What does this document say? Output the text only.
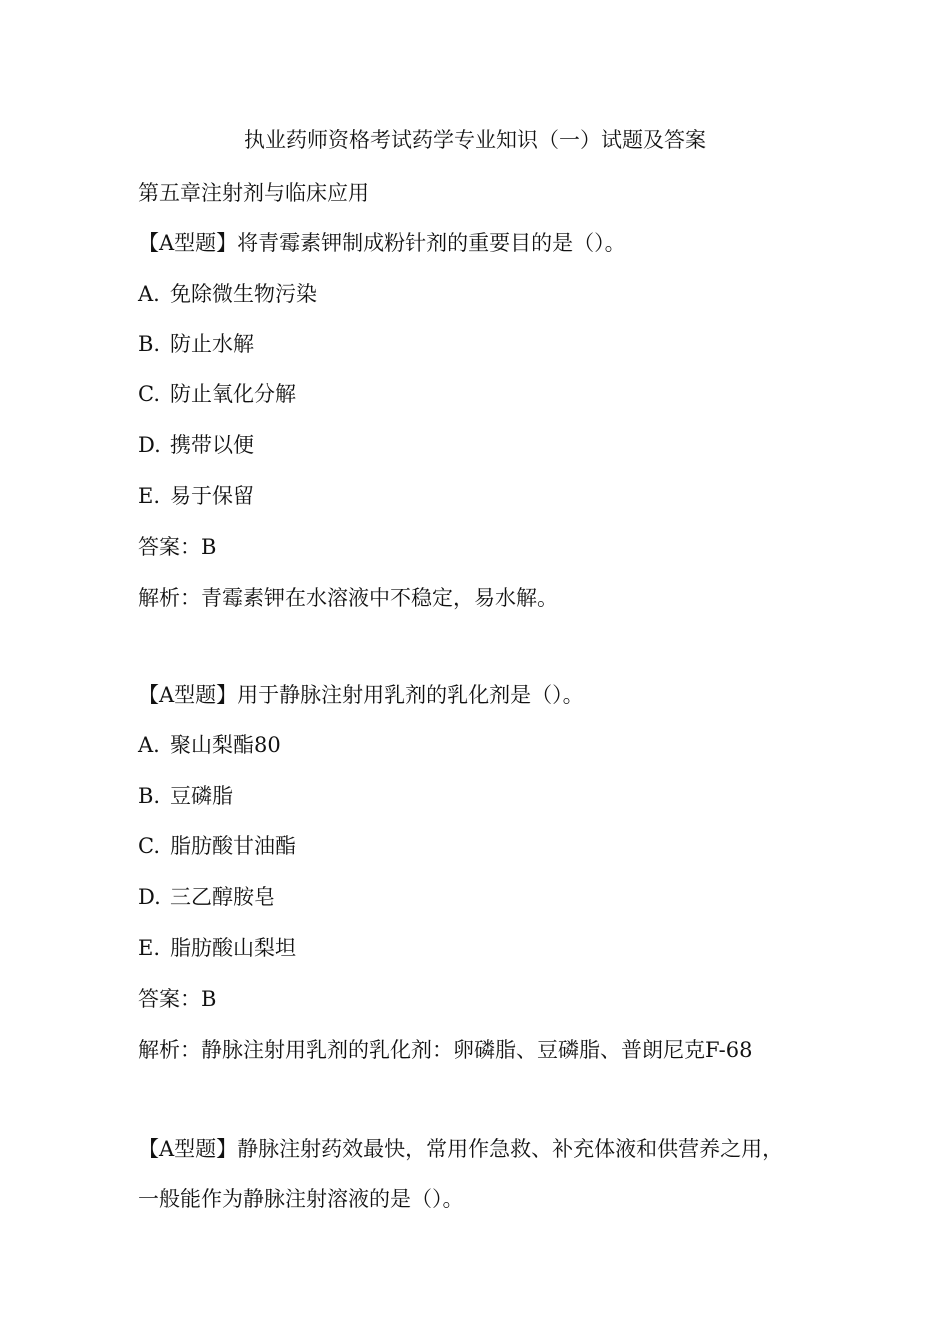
执业药师资格考试药学专业知识（一）试题及答案
第五章注射剂与临床应用
【A型题】将青霉素钾制成粉针剂的重要目的是（）。
A. 免除微生物污染
B. 防止水解
C. 防止氧化分解
D. 携带以便
E. 易于保留
答案：B
解析：青霉素钾在水溶液中不稳定，易水解。
【A型题】用于静脉注射用乳剂的乳化剂是（）。
A. 聚山梨酯80
B. 豆磷脂
C. 脂肪酸甘油酯
D. 三乙醇胺皂
E. 脂肪酸山梨坦
答案：B
解析：静脉注射用乳剂的乳化剂：卵磷脂、豆磷脂、普朗尼克F-68
【A型题】静脉注射药效最快，常用作急救、补充体液和供营养之用，
一般能作为静脉注射溶液的是（）。
